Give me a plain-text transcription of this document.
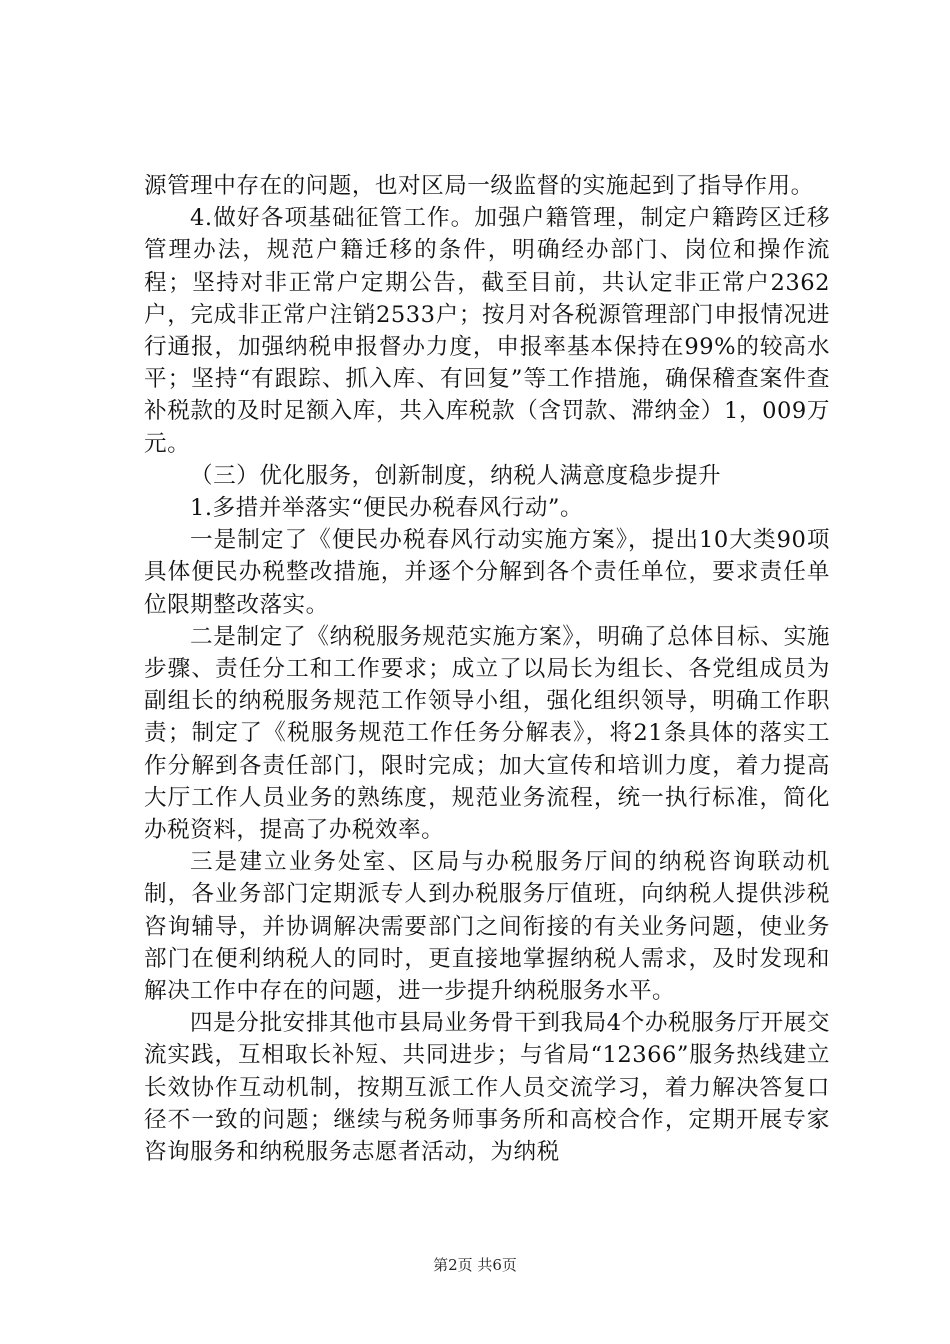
源管理中存在的问题，也对区局一级监督的实施起到了指导作用。

4.做好各项基础征管工作。加强户籍管理，制定户籍跨区迁移管理办法，规范户籍迁移的条件，明确经办部门、岗位和操作流程；坚持对非正常户定期公告，截至目前，共认定非正常户2362户，完成非正常户注销2533户；按月对各税源管理部门申报情况进行通报，加强纳税申报督办力度，申报率基本保持在99%的较高水平；坚持“有跟踪、抓入库、有回复”等工作措施，确保稽查案件查补税款的及时足额入库，共入库税款（含罚款、滞纳金）1，009万元。

（三）优化服务，创新制度，纳税人满意度稳步提升

1.多措并举落实“便民办税春风行动”。

一是制定了《便民办税春风行动实施方案》，提出10大类90项具体便民办税整改措施，并逐个分解到各个责任单位，要求责任单位限期整改落实。

二是制定了《纳税服务规范实施方案》，明确了总体目标、实施步骤、责任分工和工作要求；成立了以局长为组长、各党组成员为副组长的纳税服务规范工作领导小组，强化组织领导，明确工作职责；制定了《税服务规范工作任务分解表》，将21条具体的落实工作分解到各责任部门，限时完成；加大宣传和培训力度，着力提高大厅工作人员业务的熟练度，规范业务流程，统一执行标准，简化办税资料，提高了办税效率。

三是建立业务处室、区局与办税服务厅间的纳税咨询联动机制，各业务部门定期派专人到办税服务厅值班，向纳税人提供涉税咨询辅导，并协调解决需要部门之间衔接的有关业务问题，使业务部门在便利纳税人的同时，更直接地掌握纳税人需求，及时发现和解决工作中存在的问题，进一步提升纳税服务水平。

四是分批安排其他市县局业务骨干到我局4个办税服务厅开展交流实践，互相取长补短、共同进步；与省局“12366”服务热线建立长效协作互动机制，按期互派工作人员交流学习，着力解决答复口径不一致的问题；继续与税务师事务所和高校合作，定期开展专家咨询服务和纳税服务志愿者活动，为纳税

第2页 共6页
